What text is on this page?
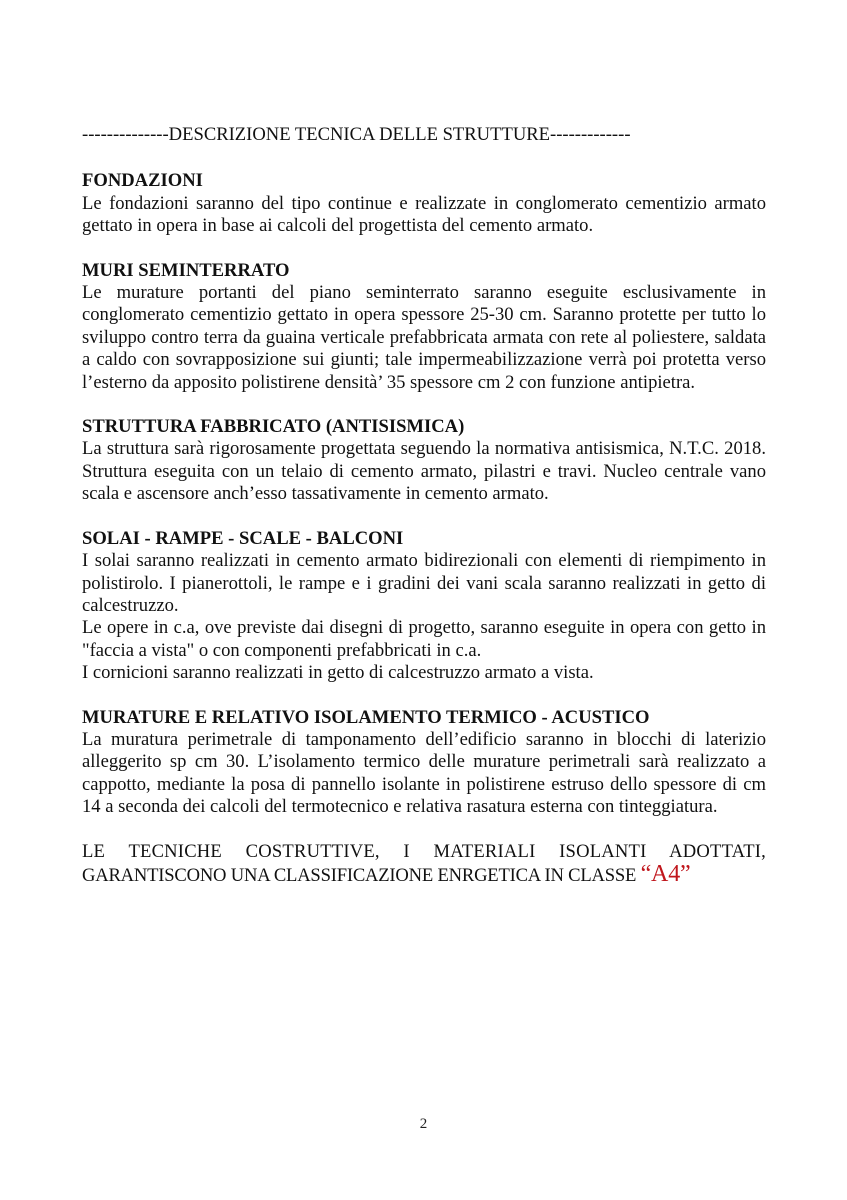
--------------DESCRIZIONE TECNICA DELLE STRUTTURE-------------
FONDAZIONI

Le fondazioni saranno del tipo continue e realizzate in conglomerato cementizio armato gettato in opera in base ai calcoli del progettista del cemento armato.

MURI SEMINTERRATO

Le murature portanti del piano seminterrato saranno eseguite esclusivamente in conglomerato cementizio gettato in opera spessore 25-30 cm. Saranno protette per tutto lo sviluppo contro terra da guaina verticale prefabbricata armata con rete al poliestere, saldata a caldo con sovrapposizione sui giunti; tale impermeabilizzazione verrà poi protetta verso l’esterno da apposito polistirene densità’ 35 spessore cm 2 con funzione antipietra.

STRUTTURA FABBRICATO (ANTISISMICA)

La struttura sarà rigorosamente progettata seguendo la normativa antisismica, N.T.C. 2018. Struttura eseguita con un telaio di cemento armato, pilastri e travi. Nucleo centrale vano scala e ascensore anch’esso tassativamente in cemento armato.

SOLAI - RAMPE - SCALE - BALCONI

I solai saranno realizzati in cemento armato bidirezionali con elementi di riempimento in polistirolo. I pianerottoli, le rampe e i gradini dei vani scala saranno realizzati in getto di calcestruzzo.

Le opere in c.a, ove previste dai disegni di progetto, saranno eseguite in opera con getto in "faccia a vista" o con componenti prefabbricati in c.a.

I cornicioni saranno realizzati in getto di calcestruzzo armato a vista.

MURATURE E RELATIVO ISOLAMENTO TERMICO - ACUSTICO

La muratura perimetrale di tamponamento dell’edificio saranno in blocchi di laterizio alleggerito sp cm 30. L’isolamento termico delle murature perimetrali sarà realizzato a cappotto, mediante la posa di pannello isolante in polistirene estruso dello spessore di cm 14 a seconda dei calcoli del termotecnico e relativa rasatura esterna con tinteggiatura.

LE TECNICHE COSTRUTTIVE, I MATERIALI ISOLANTI ADOTTATI,
GARANTISCONO UNA CLASSIFICAZIONE ENRGETICA IN CLASSE “A4”
2
